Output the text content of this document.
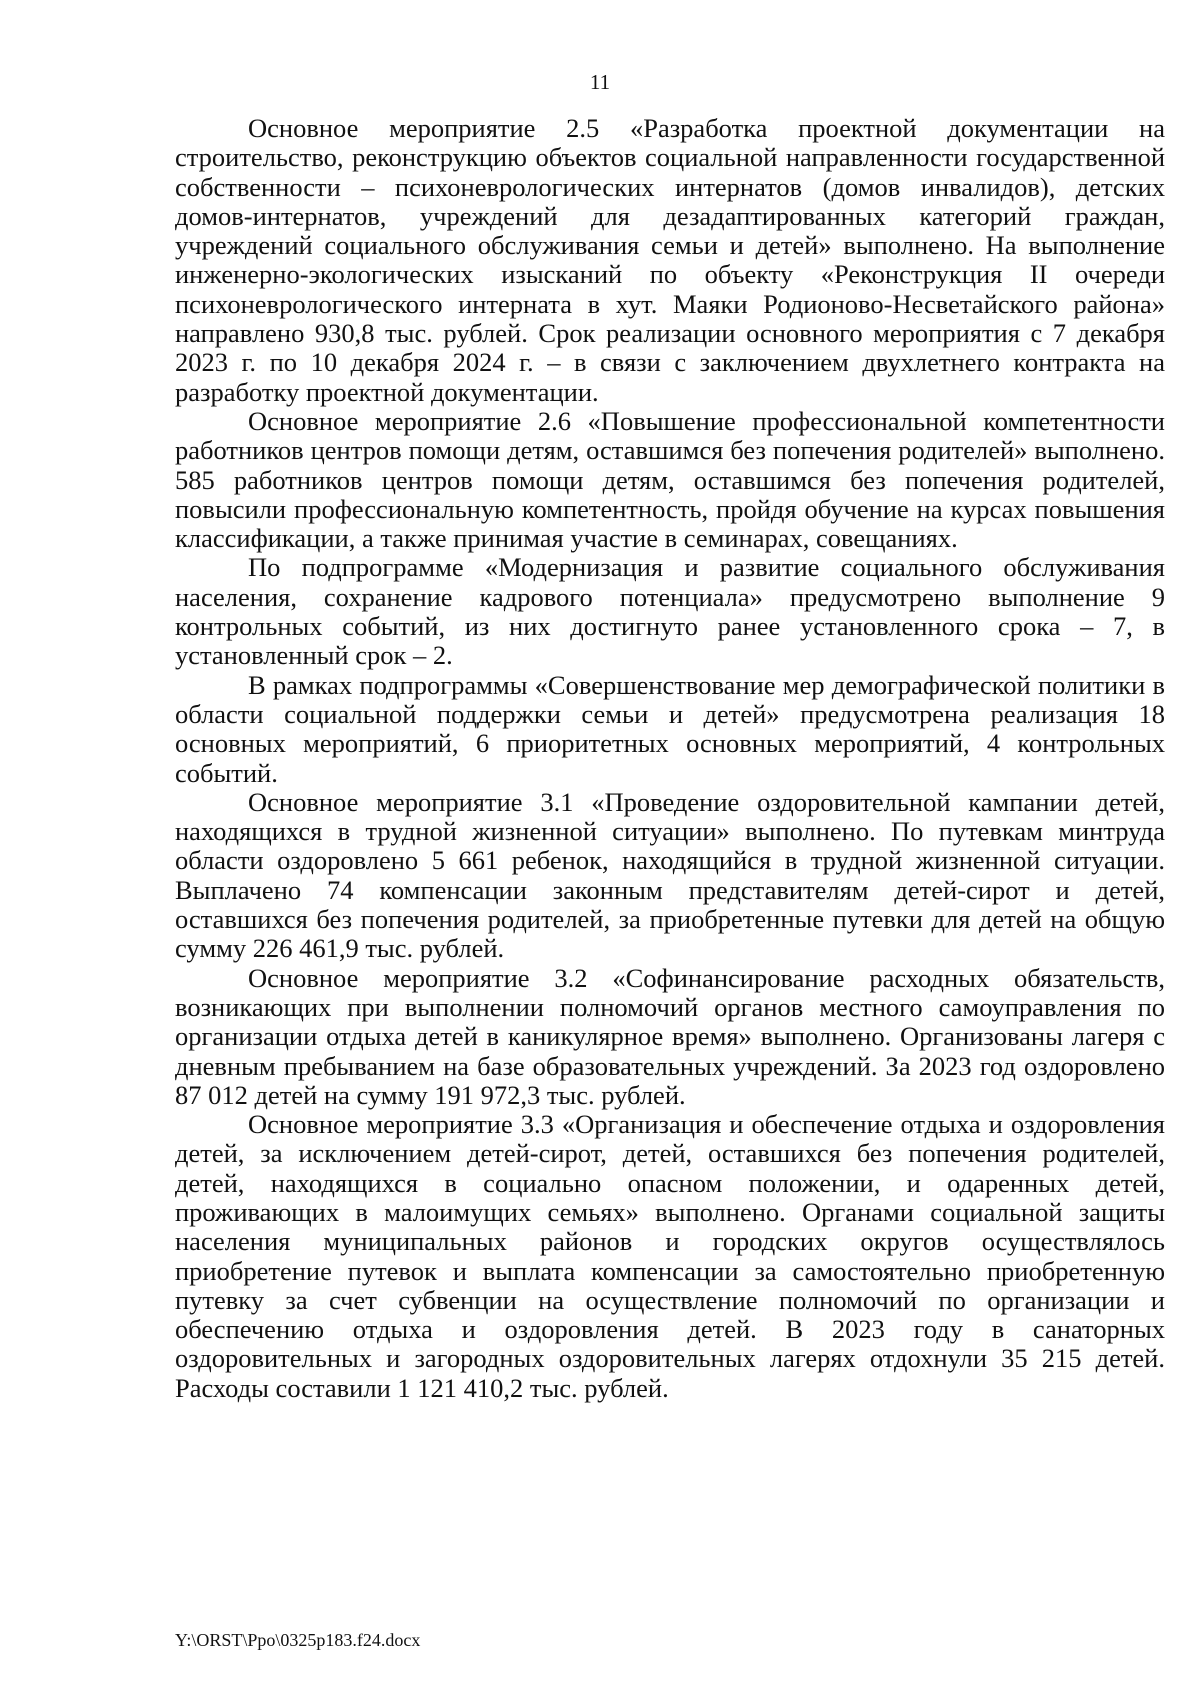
11

Основное мероприятие 2.5 «Разработка проектной документации на строительство, реконструкцию объектов социальной направленности государственной собственности – психоневрологических интернатов (домов инвалидов), детских домов-интернатов, учреждений для дезадаптированных категорий граждан, учреждений социального обслуживания семьи и детей» выполнено. На выполнение инженерно-экологических изысканий по объекту «Реконструкция II очереди психоневрологического интерната в хут. Маяки Родионово-Несветайского района» направлено 930,8 тыс. рублей. Срок реализации основного мероприятия с 7 декабря 2023 г. по 10 декабря 2024 г. – в связи с заключением двухлетнего контракта на разработку проектной документации.

Основное мероприятие 2.6 «Повышение профессиональной компетентности работников центров помощи детям, оставшимся без попечения родителей» выполнено. 585 работников центров помощи детям, оставшимся без попечения родителей, повысили профессиональную компетентность, пройдя обучение на курсах повышения классификации, а также принимая участие в семинарах, совещаниях.

По подпрограмме «Модернизация и развитие социального обслуживания населения, сохранение кадрового потенциала» предусмотрено выполнение 9 контрольных событий, из них достигнуто ранее установленного срока – 7, в установленный срок – 2.

В рамках подпрограммы «Совершенствование мер демографической политики в области социальной поддержки семьи и детей» предусмотрена реализация 18 основных мероприятий, 6 приоритетных основных мероприятий, 4 контрольных событий.

Основное мероприятие 3.1 «Проведение оздоровительной кампании детей, находящихся в трудной жизненной ситуации» выполнено. По путевкам минтруда области оздоровлено 5 661 ребенок, находящийся в трудной жизненной ситуации. Выплачено 74 компенсации законным представителям детей-сирот и детей, оставшихся без попечения родителей, за приобретенные путевки для детей на общую сумму 226 461,9 тыс. рублей.

Основное мероприятие 3.2 «Софинансирование расходных обязательств, возникающих при выполнении полномочий органов местного самоуправления по организации отдыха детей в каникулярное время» выполнено. Организованы лагеря с дневным пребыванием на базе образовательных учреждений. За 2023 год оздоровлено 87 012 детей на сумму 191 972,3 тыс. рублей.

Основное мероприятие 3.3 «Организация и обеспечение отдыха и оздоровления детей, за исключением детей-сирот, детей, оставшихся без попечения родителей, детей, находящихся в социально опасном положении, и одаренных детей, проживающих в малоимущих семьях» выполнено. Органами социальной защиты населения муниципальных районов и городских округов осуществлялось приобретение путевок и выплата компенсации за самостоятельно приобретенную путевку за счет субвенции на осуществление полномочий по организации и обеспечению отдыха и оздоровления детей. В 2023 году в санаторных оздоровительных и загородных оздоровительных лагерях отдохнули 35 215 детей. Расходы составили 1 121 410,2 тыс. рублей.

Y:\ORST\Ppo\0325p183.f24.docx
